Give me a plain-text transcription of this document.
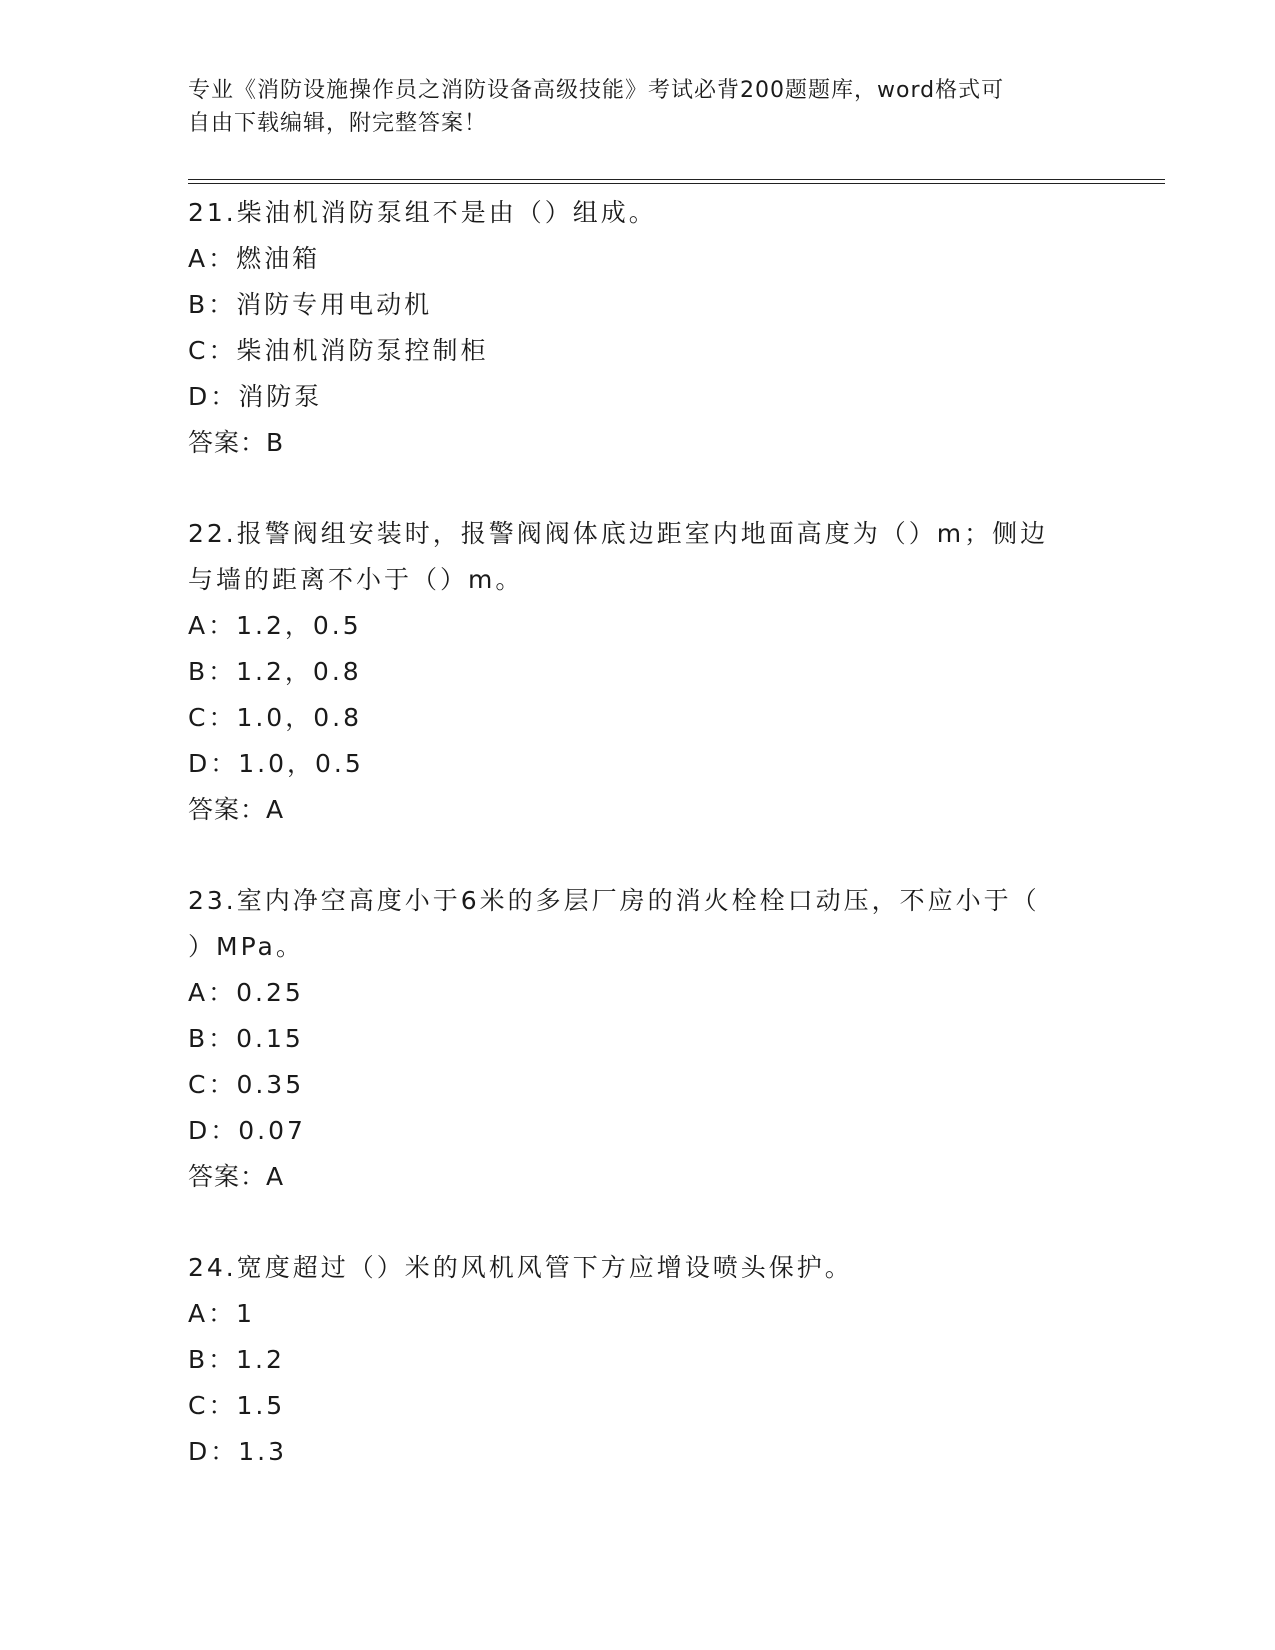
专业《消防设施操作员之消防设备高级技能》考试必背200题题库，word格式可
自由下载编辑，附完整答案！
21.柴油机消防泵组不是由（）组成。
A：燃油箱
B：消防专用电动机
C：柴油机消防泵控制柜
D：消防泵
答案：B
22.报警阀组安装时，报警阀阀体底边距室内地面高度为（）m；侧边
与墙的距离不小于（）m。
A：1.2，0.5
B：1.2，0.8
C：1.0，0.8
D：1.0，0.5
答案：A
23.室内净空高度小于6米的多层厂房的消火栓栓口动压，不应小于（
）MPa。
A：0.25
B：0.15
C：0.35
D：0.07
答案：A
24.宽度超过（）米的风机风管下方应增设喷头保护。
A：1
B：1.2
C：1.5
D：1.3
